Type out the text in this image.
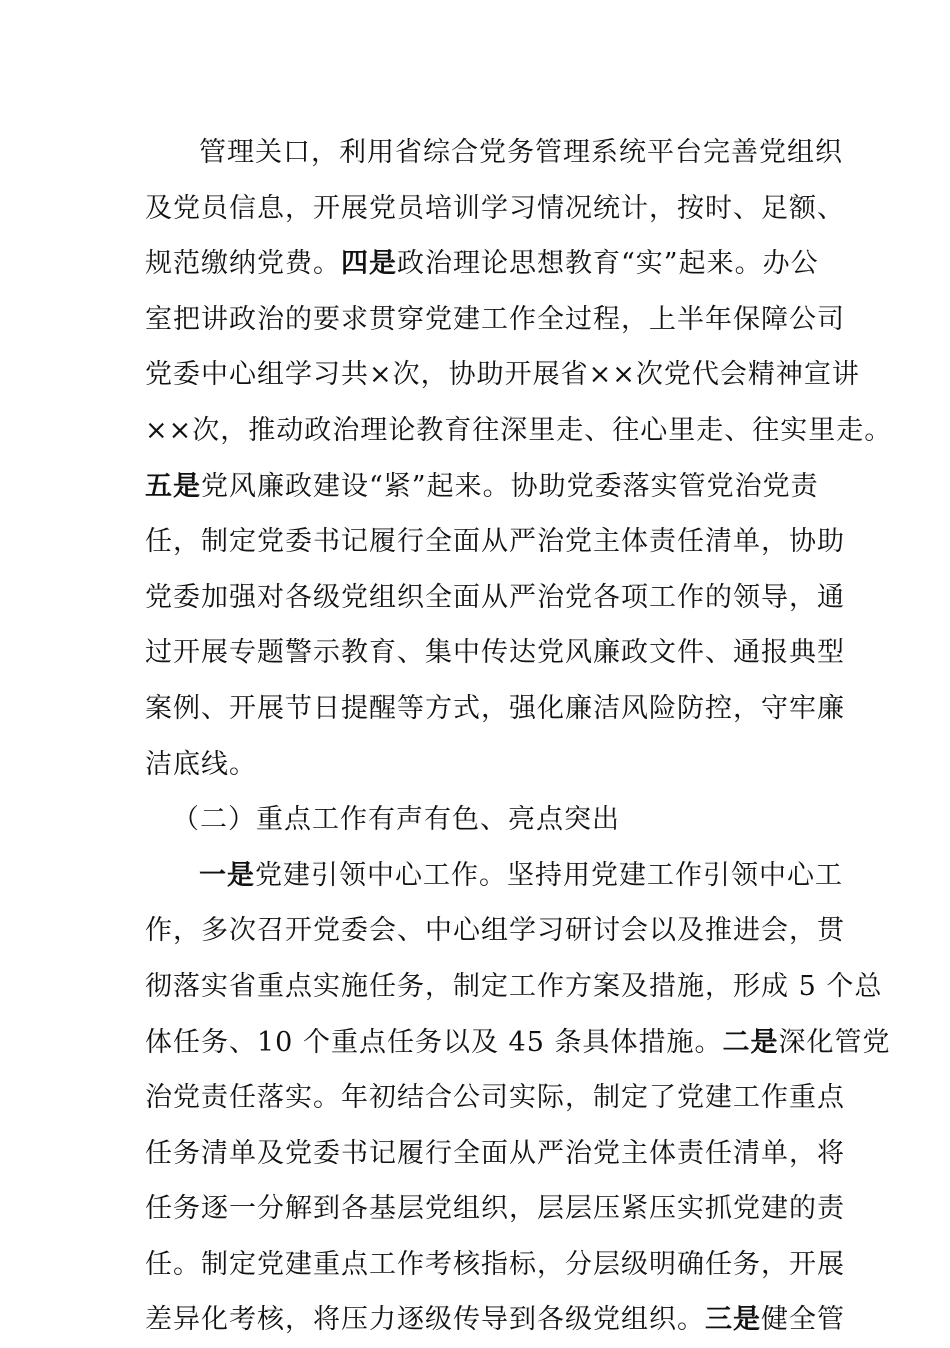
管理关口，利用省综合党务管理系统平台完善党组织
及党员信息，开展党员培训学习情况统计，按时、足额、
规范缴纳党费。四是政治理论思想教育“实”起来。办公
室把讲政治的要求贯穿党建工作全过程，上半年保障公司
党委中心组学习共×次，协助开展省××次党代会精神宣讲
××次，推动政治理论教育往深里走、往心里走、往实里走。
五是党风廉政建设“紧”起来。协助党委落实管党治党责
任，制定党委书记履行全面从严治党主体责任清单，协助
党委加强对各级党组织全面从严治党各项工作的领导，通
过开展专题警示教育、集中传达党风廉政文件、通报典型
案例、开展节日提醒等方式，强化廉洁风险防控，守牢廉
洁底线。
（二）重点工作有声有色、亮点突出
一是党建引领中心工作。坚持用党建工作引领中心工
作，多次召开党委会、中心组学习研讨会以及推进会，贯
彻落实省重点实施任务，制定工作方案及措施，形成 5 个总
体任务、10 个重点任务以及 45 条具体措施。二是深化管党
治党责任落实。年初结合公司实际，制定了党建工作重点
任务清单及党委书记履行全面从严治党主体责任清单，将
任务逐一分解到各基层党组织，层层压紧压实抓党建的责
任。制定党建重点工作考核指标，分层级明确任务，开展
差异化考核，将压力逐级传导到各级党组织。三是健全管
